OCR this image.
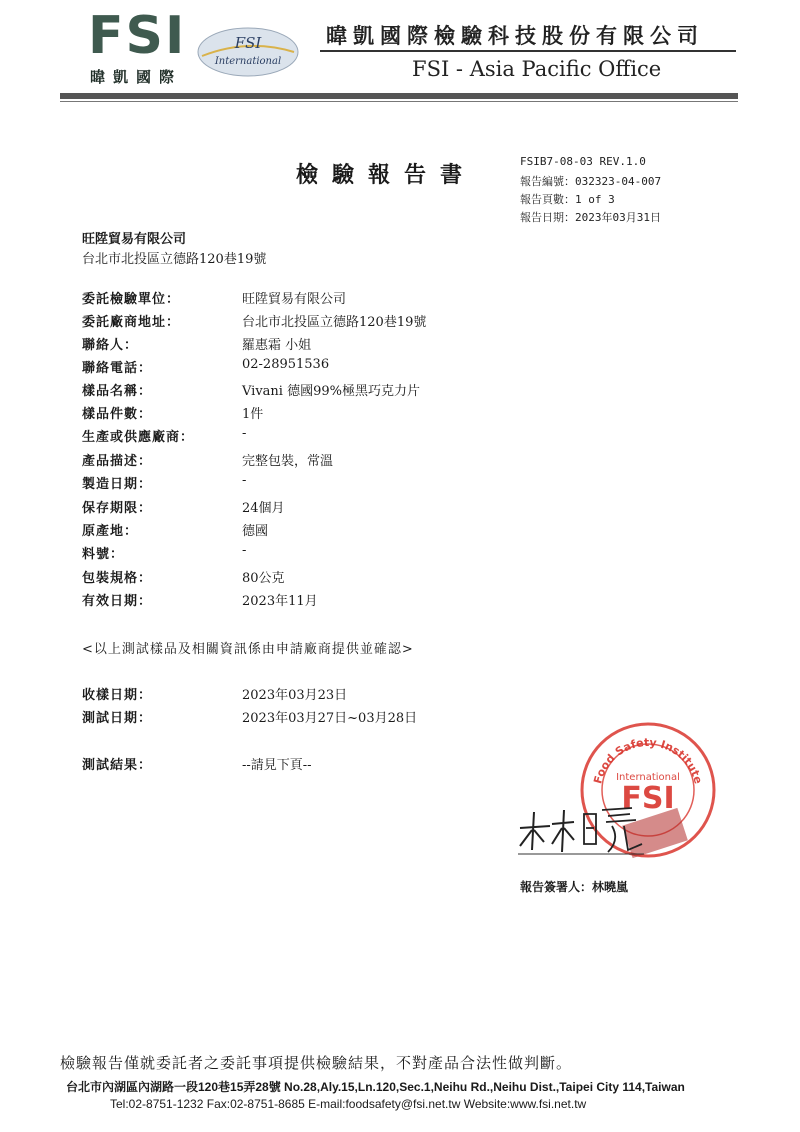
FSI
暐凱國際
FSI
International
暐凱國際檢驗科技股份有限公司
FSI - Asia Pacific Office
檢驗報告書
FSIB7-08-03 REV.1.0
報告編號：032323-04-007
報告頁數：1 of 3
報告日期：2023年03月31日
旺陞貿易有限公司
台北市北投區立德路120巷19號
委託檢驗單位：	旺陞貿易有限公司
委託廠商地址：	台北市北投區立德路120巷19號
聯絡人：	羅惠霜 小姐
聯絡電話：	02-28951536
樣品名稱：	Vivani 德國99%極黑巧克力片
樣品件數：	1件
生產或供應廠商：	-
產品描述：	完整包裝，常溫
製造日期：	-
保存期限：	24個月
原產地：	德國
料號：	-
包裝規格：	80公克
有效日期：	2023年11月
<以上測試樣品及相關資訊係由申請廠商提供並確認>
收樣日期：	2023年03月23日
測試日期：	2023年03月27日~03月28日
測試結果：	--請見下頁--
Food Safety Institute
International
FSI
報告簽署人：林曉嵐
檢驗報告僅就委託者之委託事項提供檢驗結果，不對產品合法性做判斷。
台北市內湖區內湖路一段120巷15弄28號 No.28,Aly.15,Ln.120,Sec.1,Neihu Rd.,Neihu Dist.,Taipei City 114,Taiwan
Tel:02-8751-1232 Fax:02-8751-8685 E-mail:foodsafety@fsi.net.tw Website:www.fsi.net.tw
